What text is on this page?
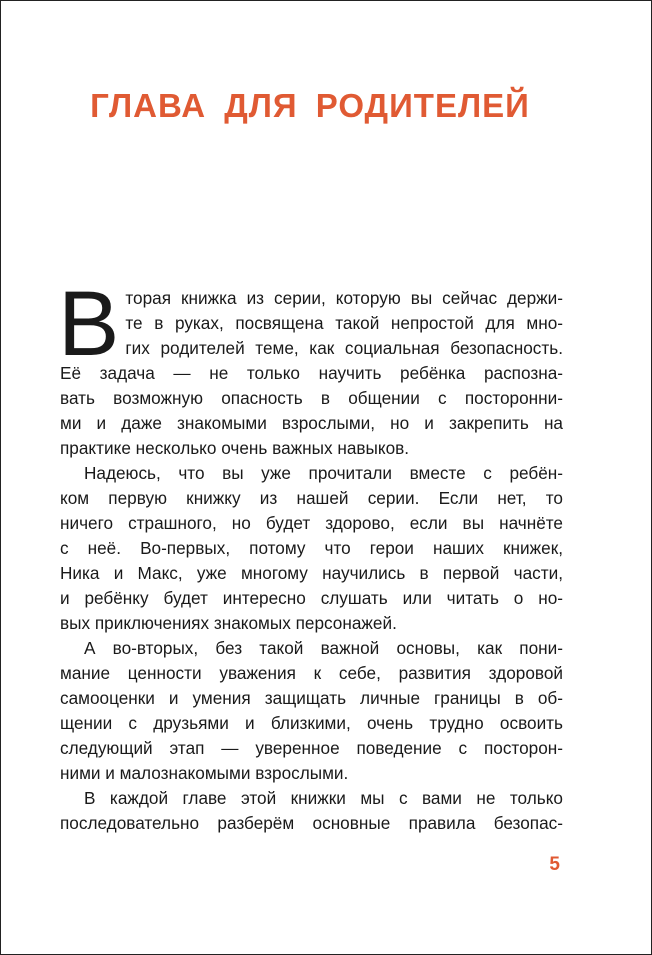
ГЛАВА ДЛЯ РОДИТЕЛЕЙ
В торая книжка из серии, которую вы сейчас держи-
те в руках, посвящена такой непростой для мно-
гих родителей теме, как социальная безопасность.
Её задача — не только научить ребёнка распозна-
вать возможную опасность в общении с посторонни-
ми и даже знакомыми взрослыми, но и закрепить на
практике несколько очень важных навыков.
Надеюсь, что вы уже прочитали вместе с ребён-
ком первую книжку из нашей серии. Если нет, то
ничего страшного, но будет здорово, если вы начнёте
с неё. Во-первых, потому что герои наших книжек,
Ника и Макс, уже многому научились в первой части,
и ребёнку будет интересно слушать или читать о но-
вых приключениях знакомых персонажей.
А во-вторых, без такой важной основы, как пони-
мание ценности уважения к себе, развития здоровой
самооценки и умения защищать личные границы в об-
щении с друзьями и близкими, очень трудно освоить
следующий этап — уверенное поведение с посторон-
ними и малознакомыми взрослыми.
В каждой главе этой книжки мы с вами не только
последовательно разберём основные правила безопас-
5
